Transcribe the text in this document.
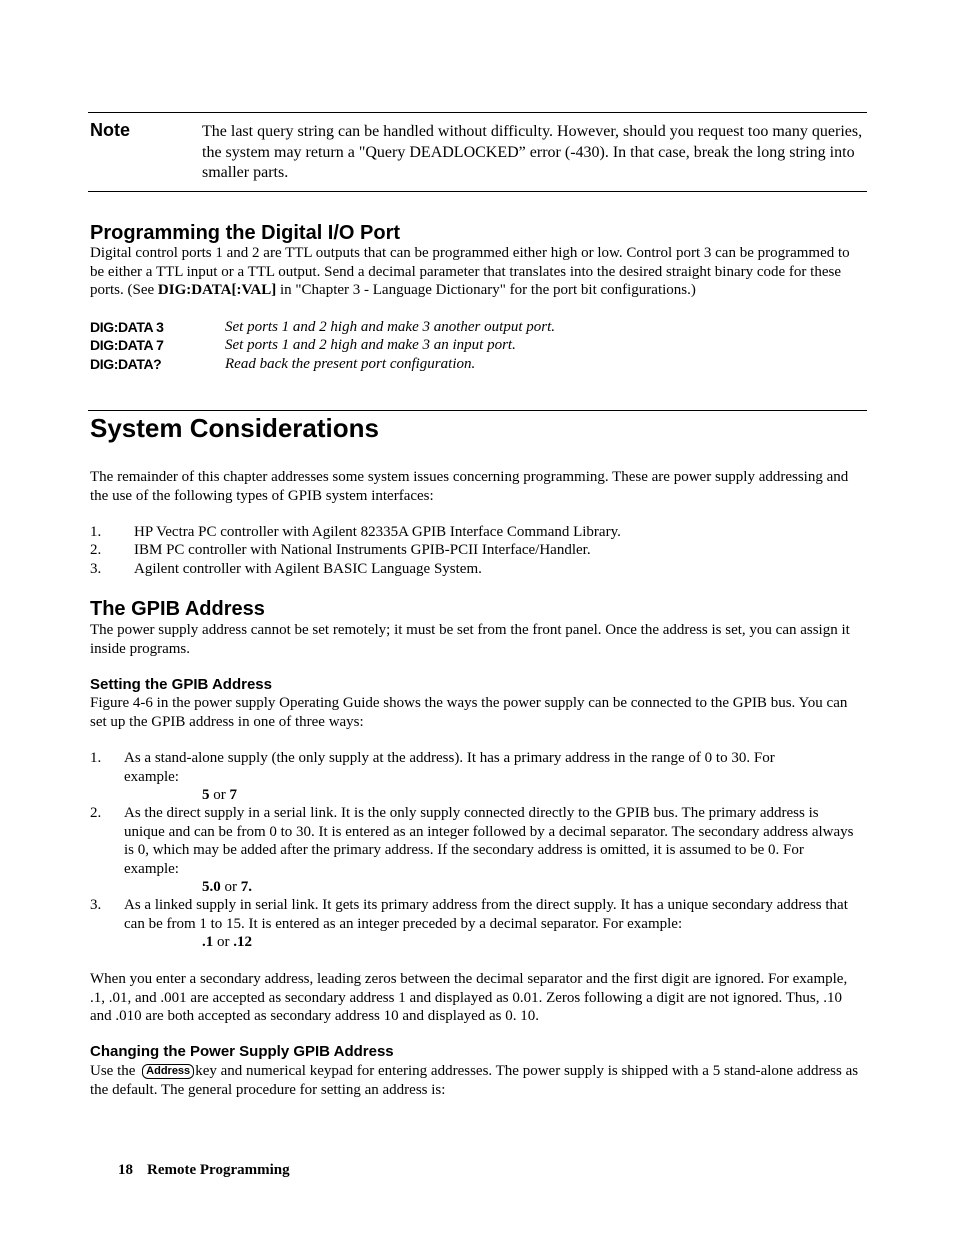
Note	The last query string can be handled without difficulty. However, should you request too many queries, the system may return a "Query DEADLOCKED” error (-430). In that case, break the long string into smaller parts.
Programming the Digital I/O Port
Digital control ports 1 and 2 are TTL outputs that can be programmed either high or low. Control port 3 can be programmed to be either a TTL input or a TTL output. Send a decimal parameter that translates into the desired straight binary code for these ports. (See DIG:DATA[:VAL] in "Chapter 3 - Language Dictionary" for the port bit configurations.)
DIG:DATA 3	Set ports 1 and 2 high and make 3 another output port.
DIG:DATA 7	Set ports 1 and 2 high and make 3 an input port.
DIG:DATA?	Read back the present port configuration.
System Considerations
The remainder of this chapter addresses some system issues concerning programming. These are power supply addressing and the use of the following types of GPIB system interfaces:
1. HP Vectra PC controller with Agilent 82335A GPIB Interface Command Library.
2. IBM PC controller with National Instruments GPIB-PCII Interface/Handler.
3. Agilent controller with Agilent BASIC Language System.
The GPIB Address
The power supply address cannot be set remotely; it must be set from the front panel. Once the address is set, you can assign it inside programs.
Setting the GPIB Address
Figure 4-6 in the power supply Operating Guide shows the ways the power supply can be connected to the GPIB bus. You can set up the GPIB address in one of three ways:
1. As a stand-alone supply (the only supply at the address). It has a primary address in the range of 0 to 30. For example:
5 or 7
2. As the direct supply in a serial link. It is the only supply connected directly to the GPIB bus. The primary address is unique and can be from 0 to 30. It is entered as an integer followed by a decimal separator. The secondary address always is 0, which may be added after the primary address. If the secondary address is omitted, it is assumed to be 0. For example:
5.0 or 7.
3. As a linked supply in serial link. It gets its primary address from the direct supply. It has a unique secondary address that can be from 1 to 15. It is entered as an integer preceded by a decimal separator. For example:
.1 or .12
When you enter a secondary address, leading zeros between the decimal separator and the first digit are ignored. For example, .1, .01, and .001 are accepted as secondary address 1 and displayed as 0.01. Zeros following a digit are not ignored. Thus, .10 and .010 are both accepted as secondary address 10 and displayed as 0. 10.
Changing the Power Supply GPIB Address
Use the Address key and numerical keypad for entering addresses. The power supply is shipped with a 5 stand-alone address as the default. The general procedure for setting an address is:
18 Remote Programming
